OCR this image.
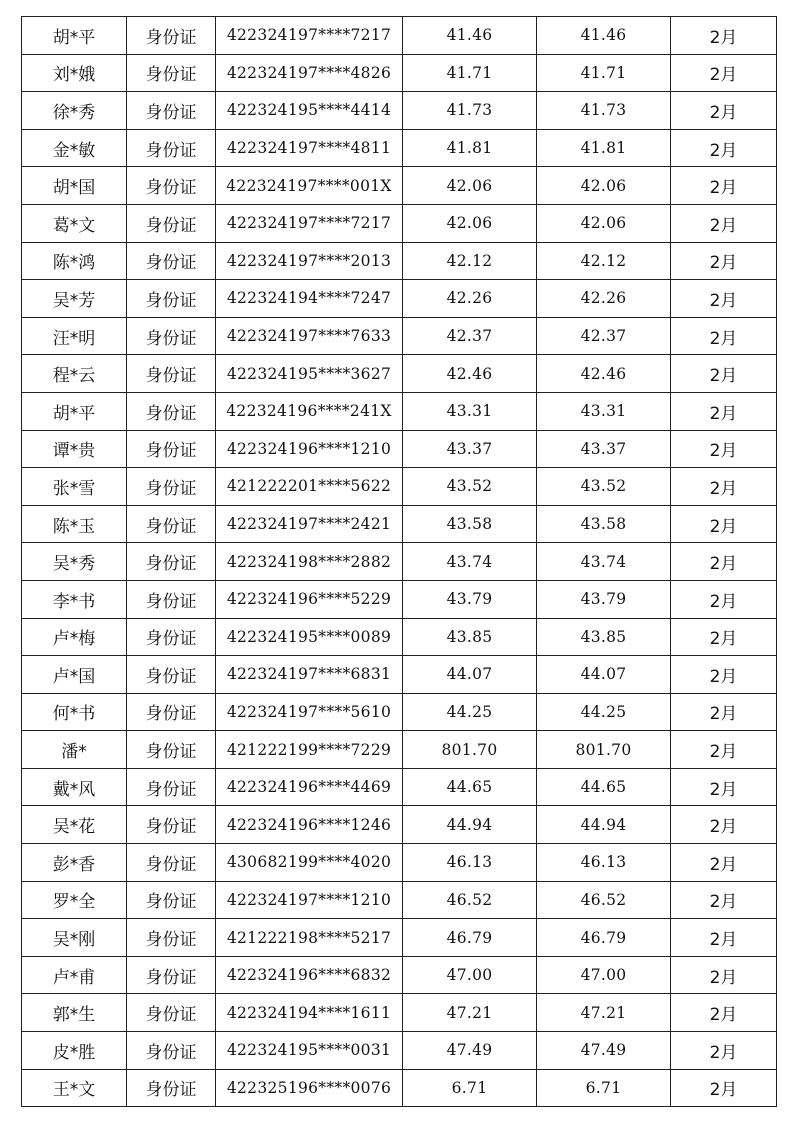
胡*平	身份证	422324197****7217	41.46	41.46	2月
刘*娥	身份证	422324197****4826	41.71	41.71	2月
徐*秀	身份证	422324195****4414	41.73	41.73	2月
金*敏	身份证	422324197****4811	41.81	41.81	2月
胡*国	身份证	422324197****001X	42.06	42.06	2月
葛*文	身份证	422324197****7217	42.06	42.06	2月
陈*鸿	身份证	422324197****2013	42.12	42.12	2月
吴*芳	身份证	422324194****7247	42.26	42.26	2月
汪*明	身份证	422324197****7633	42.37	42.37	2月
程*云	身份证	422324195****3627	42.46	42.46	2月
胡*平	身份证	422324196****241X	43.31	43.31	2月
谭*贵	身份证	422324196****1210	43.37	43.37	2月
张*雪	身份证	421222201****5622	43.52	43.52	2月
陈*玉	身份证	422324197****2421	43.58	43.58	2月
吴*秀	身份证	422324198****2882	43.74	43.74	2月
李*书	身份证	422324196****5229	43.79	43.79	2月
卢*梅	身份证	422324195****0089	43.85	43.85	2月
卢*国	身份证	422324197****6831	44.07	44.07	2月
何*书	身份证	422324197****5610	44.25	44.25	2月
潘*	身份证	421222199****7229	801.70	801.70	2月
戴*风	身份证	422324196****4469	44.65	44.65	2月
吴*花	身份证	422324196****1246	44.94	44.94	2月
彭*香	身份证	430682199****4020	46.13	46.13	2月
罗*全	身份证	422324197****1210	46.52	46.52	2月
吴*刚	身份证	421222198****5217	46.79	46.79	2月
卢*甫	身份证	422324196****6832	47.00	47.00	2月
郭*生	身份证	422324194****1611	47.21	47.21	2月
皮*胜	身份证	422324195****0031	47.49	47.49	2月
王*文	身份证	422325196****0076	6.71	6.71	2月
